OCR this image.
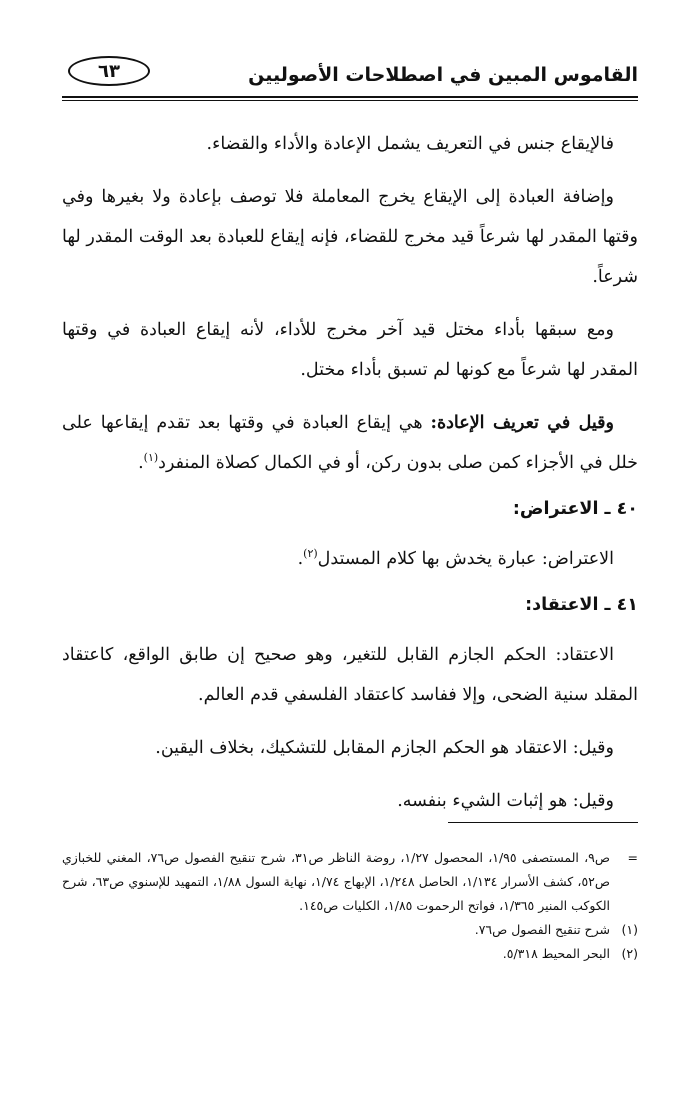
٦٣	القاموس المبين في اصطلاحات الأصوليين

فالإيقاع جنس في التعريف يشمل الإعادة والأداء والقضاء.

وإضافة العبادة إلى الإيقاع يخرج المعاملة فلا توصف بإعادة ولا بغيرها وفي وقتها المقدر لها شرعاً قيد مخرج للقضاء، فإنه إيقاع للعبادة بعد الوقت المقدر لها شرعاً.

ومع سبقها بأداء مختل قيد آخر مخرج للأداء، لأنه إيقاع العبادة في وقتها المقدر لها شرعاً مع كونها لم تسبق بأداء مختل.

وقيل في تعريف الإعادة: هي إيقاع العبادة في وقتها بعد تقدم إيقاعها على خلل في الأجزاء كمن صلى بدون ركن، أو في الكمال كصلاة المنفرد$^{(١)}$.

٤٠ ـ الاعتراض:

الاعتراض: عبارة يخدش بها كلام المستدل$^{(٢)}$.

٤١ ـ الاعتقاد:

الاعتقاد: الحكم الجازم القابل للتغير، وهو صحيح إن طابق الواقع، كاعتقاد المقلد سنية الضحى، وإلا ففاسد كاعتقاد الفلسفي قدم العالم.

وقيل: الاعتقاد هو الحكم الجازم المقابل للتشكيك، بخلاف اليقين.

وقيل: هو إثبات الشيء بنفسه.

=
ص٩، المستصفى ١/٩٥، المحصول ١/٢٧، روضة الناظر ص٣١، شرح تنقيح الفصول ص٧٦، المغني للخبازي ص٥٢، كشف الأسرار ١/١٣٤، الحاصل ١/٢٤٨، الإبهاج ١/٧٤، نهاية السول ١/٨٨، التمهيد للإسنوي ص٦٣، شرح الكوكب المنير ١/٣٦٥، فواتح الرحموت ١/٨٥، الكليات ص١٤٥.
(١)
شرح تنقيح الفصول ص٧٦.
(٢)
البحر المحيط ٥/٣١٨.
